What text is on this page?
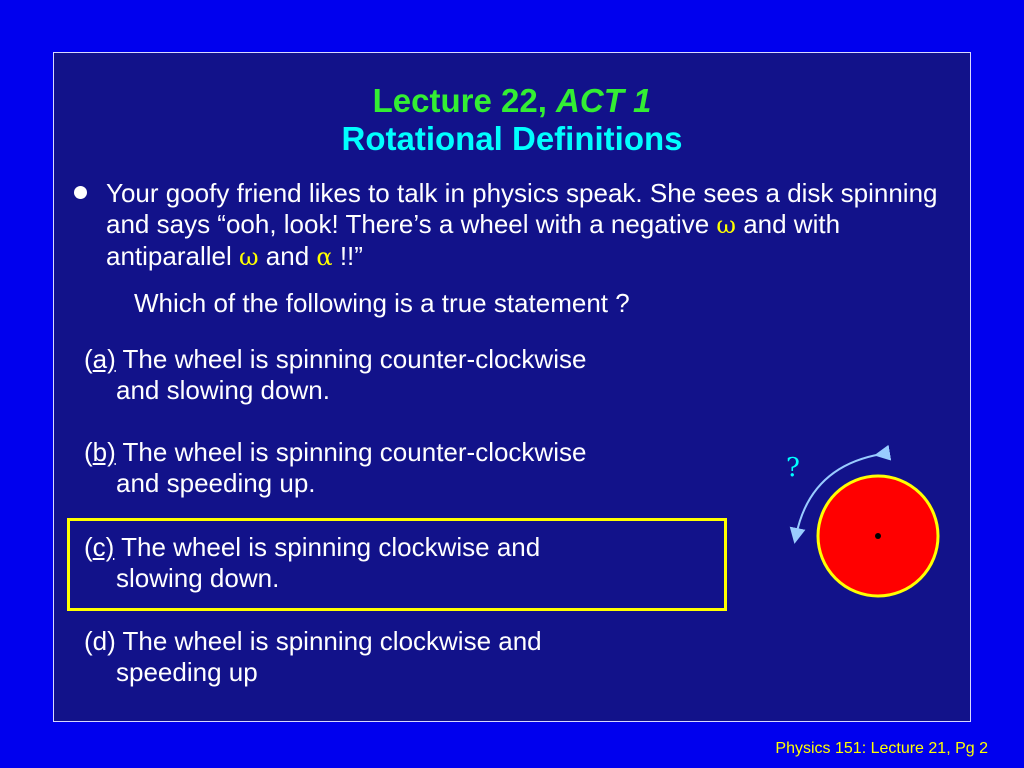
Lecture 22, ACT 1
Rotational Definitions
Your goofy friend likes to talk in physics speak. She sees a disk spinning and says “ooh, look! There’s a wheel with a negative ω and with antiparallel ω and α !!”
Which of the following is a true statement ?
(a) The wheel is spinning counter-clockwise
and slowing down.
(b) The wheel is spinning counter-clockwise
and speeding up.
(c) The wheel is spinning clockwise and
slowing down.
(d) The wheel is spinning clockwise and
speeding up
?
Physics 151: Lecture 21, Pg 2
